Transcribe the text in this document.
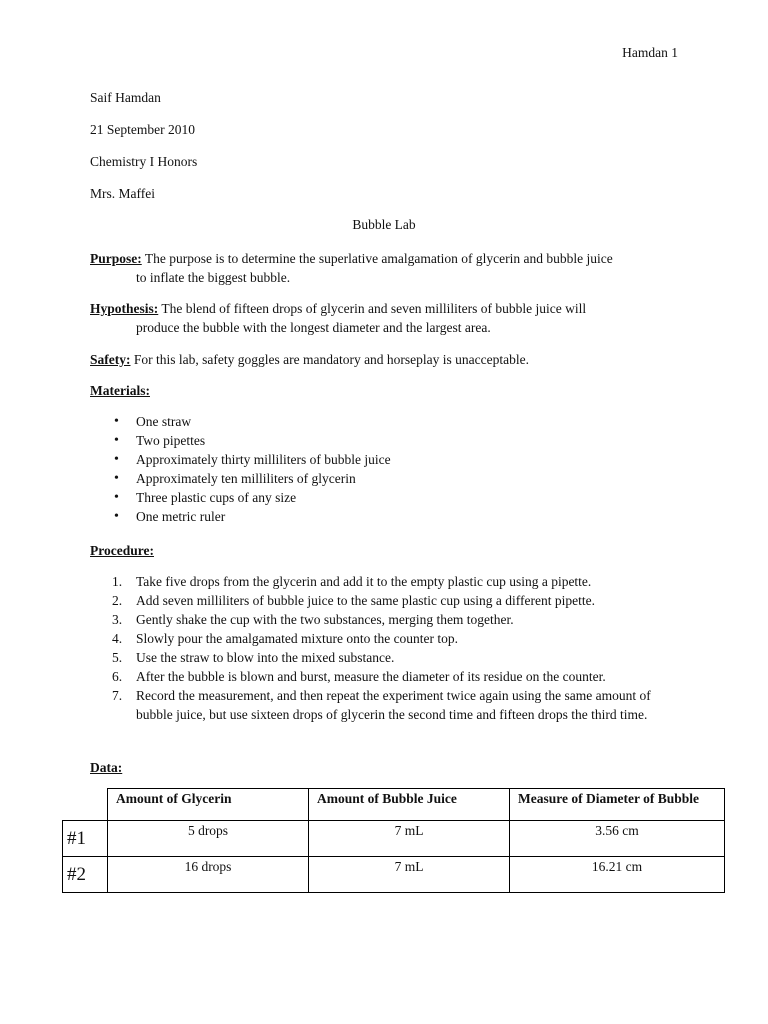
Hamdan 1
Saif Hamdan
21 September 2010
Chemistry I Honors
Mrs. Maffei
Bubble Lab
Purpose: The purpose is to determine the superlative amalgamation of glycerin and bubble juice
to inflate the biggest bubble.
Hypothesis: The blend of fifteen drops of glycerin and seven milliliters of bubble juice will
produce the bubble with the longest diameter and the largest area.
Safety: For this lab, safety goggles are mandatory and horseplay is unacceptable.
Materials:
• One straw
• Two pipettes
• Approximately thirty milliliters of bubble juice
• Approximately ten milliliters of glycerin
• Three plastic cups of any size
• One metric ruler
Procedure:
1. Take five drops from the glycerin and add it to the empty plastic cup using a pipette.
2. Add seven milliliters of bubble juice to the same plastic cup using a different pipette.
3. Gently shake the cup with the two substances, merging them together.
4. Slowly pour the amalgamated mixture onto the counter top.
5. Use the straw to blow into the mixed substance.
6. After the bubble is blown and burst, measure the diameter of its residue on the counter.
7. Record the measurement, and then repeat the experiment twice again using the same amount of bubble juice, but use sixteen drops of glycerin the second time and fifteen drops the third time.
Data:
	Amount of Glycerin	Amount of Bubble Juice	Measure of Diameter of Bubble
#1	5 drops	7 mL	3.56 cm
#2	16 drops	7 mL	16.21 cm
